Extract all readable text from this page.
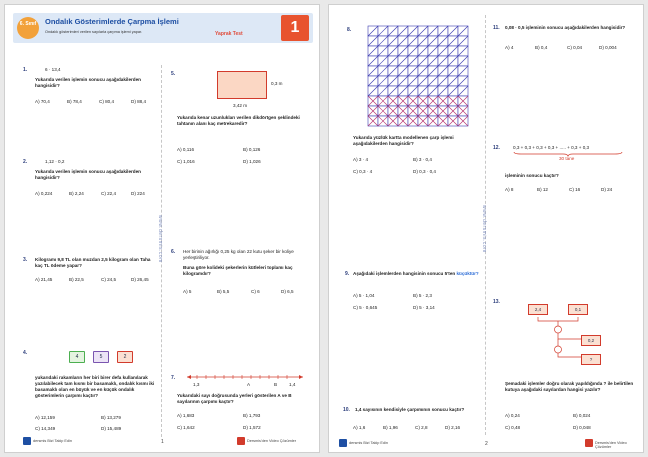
6. Sınıf	Ondalık Gösterimlerde Çarpma İşlemi
Ondalık gösterimleri verilen sayılarla çarpma işlemi yapar.	Yaprak Test	1
www.dersmis.com
1.	6 · 13,4
Yukarıda verilen işlemin sonucu aşağıdakilerden hangisidir?
A) 70,4	B) 78,4	C) 80,4	D) 88,4
2.	1,12 · 0,2
Yukarıda verilen işlemin sonucu aşağıdakilerden hangisidir?
A) 0,224	B) 2,24	C) 22,4	D) 224
3. Kilogramı 9,8 TL olan muzdan 2,5 kilogram olan Taha kaç TL ödeme yapar?
A) 21,45	B) 22,5	C) 24,5	D) 26,45
4.
4	5	2
yukarıdaki rakamların her biri birer defa kullanılarak yazılabilecek tam kısmı bir basamaklı, ondalık kısmı iki basamaklı olan en büyük ve en küçük ondalık gösterimlerin çarpımı kaçtır?
A) 12,159	B) 13,279
C) 14,349	D) 15,489
5.
0,3 m
3,42 m
Yukarıda kenar uzunlukları verilen dikdörtgen şeklindeki tahtanın alanı kaç metrekaredir?
A) 0,116	B) 0,126
C) 1,016	D) 1,026
6. Her birinin ağırlığı 0,25 kg olan 22 kutu şeker bir koliye yerleştiriliyor.
Buna göre kolideki şekerlerin kütleleri toplamı kaç kilogramdır?
A) 5	B) 5,5	C) 6	D) 6,5
7.
1,3	A	B	1,4
Yukarıdaki sayı doğrusunda yerleri gösterilen A ve B sayılarının çarpımı kaçtır?
A) 1,683	B) 1,793
C) 1,642	D) 1,572
dersmis Bizi Takip Edin	1	Dersmis'den Video Çözümler
www.dersmis.com
8.
Yukarıda yüzlük kartta modellenen çarp işlemi aşağıdakilerden hangisidir?
A) 3 · 4	B) 3 · 0,4
C) 0,3 · 4	D) 0,3 · 0,4
9. Aşağıdaki işlemlerden hangisinin sonucu 5'ten küçüktür?
A) 5 · 1,04	B) 5 · 2,3
C) 5 · 0,645	D) 5 · 3,14
10. 1,4 sayısının kendisiyle çarpımının sonucu kaçtır?
A) 1,6	B) 1,96	C) 2,8	D) 2,16
11. 0,08 · 0,5 işleminin sonucu aşağıdakilerden hangisidir?
A) 4	B) 0,4	C) 0,04	D) 0,004
12.	0,3 + 0,3 + 0,3 + 0,3 + ..... + 0,3 + 0,3
30 tane
işleminin sonucu kaçtır?
A) 8	B) 12	C) 16	D) 24
13.
2,4	0,1
0,2
?
Şemadaki işlemler doğru olarak yapıldığında ? ile belirtilen kutuya aşağıdaki sayılardan hangisi yazılır?
A) 0,24	B) 0,024
C) 0,48	D) 0,048
dersmis Bizi Takip Edin	2	Dersmis'den Video Çözümler
